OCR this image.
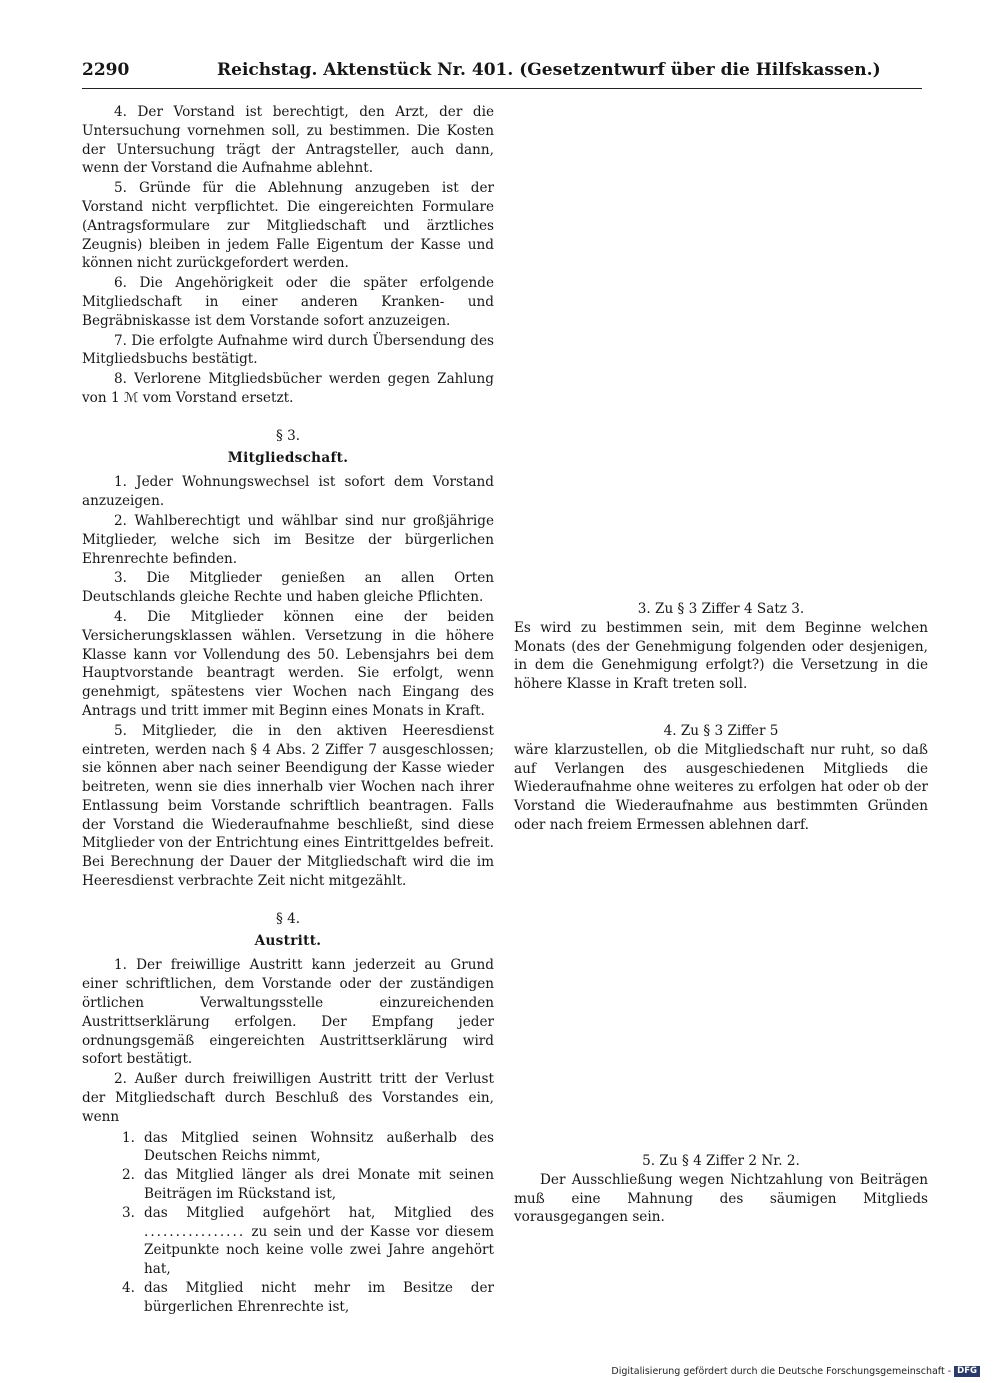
2290	Reichstag. Aktenstück Nr. 401. (Gesetzentwurf über die Hilfskassen.)

4. Der Vorstand ist berechtigt, den Arzt, der die Untersuchung vornehmen soll, zu bestimmen. Die Kosten der Untersuchung trägt der Antragsteller, auch dann, wenn der Vorstand die Aufnahme ablehnt.

5. Gründe für die Ablehnung anzugeben ist der Vorstand nicht verpflichtet. Die eingereichten Formulare (Antragsformulare zur Mitgliedschaft und ärztliches Zeugnis) bleiben in jedem Falle Eigentum der Kasse und können nicht zurückgefordert werden.

6. Die Angehörigkeit oder die später erfolgende Mitgliedschaft in einer anderen Kranken- und Begräbniskasse ist dem Vorstande sofort anzuzeigen.

7. Die erfolgte Aufnahme wird durch Übersendung des Mitgliedsbuchs bestätigt.

8. Verlorene Mitgliedsbücher werden gegen Zahlung von 1 ℳ vom Vorstand ersetzt.

§ 3.
Mitgliedschaft.

1. Jeder Wohnungswechsel ist sofort dem Vorstand anzuzeigen.

2. Wahlberechtigt und wählbar sind nur großjährige Mitglieder, welche sich im Besitze der bürgerlichen Ehrenrechte befinden.

3. Die Mitglieder genießen an allen Orten Deutschlands gleiche Rechte und haben gleiche Pflichten.

4. Die Mitglieder können eine der beiden Versicherungsklassen wählen. Versetzung in die höhere Klasse kann vor Vollendung des 50. Lebensjahrs bei dem Hauptvorstande beantragt werden. Sie erfolgt, wenn genehmigt, spätestens vier Wochen nach Eingang des Antrags und tritt immer mit Beginn eines Monats in Kraft.

5. Mitglieder, die in den aktiven Heeresdienst eintreten, werden nach § 4 Abs. 2 Ziffer 7 ausgeschlossen; sie können aber nach seiner Beendigung der Kasse wieder beitreten, wenn sie dies innerhalb vier Wochen nach ihrer Entlassung beim Vorstande schriftlich beantragen. Falls der Vorstand die Wiederaufnahme beschließt, sind diese Mitglieder von der Entrichtung eines Eintrittgeldes befreit. Bei Berechnung der Dauer der Mitgliedschaft wird die im Heeresdienst verbrachte Zeit nicht mitgezählt.

§ 4.
Austritt.

1. Der freiwillige Austritt kann jederzeit au Grund einer schriftlichen, dem Vorstande oder der zuständigen örtlichen Verwaltungsstelle einzureichenden Austrittserklärung erfolgen. Der Empfang jeder ordnungsgemäß eingereichten Austrittserklärung wird sofort bestätigt.

2. Außer durch freiwilligen Austritt tritt der Verlust der Mitgliedschaft durch Beschluß des Vorstandes ein, wenn

1. das Mitglied seinen Wohnsitz außerhalb des Deutschen Reichs nimmt,
2. das Mitglied länger als drei Monate mit seinen Beiträgen im Rückstand ist,
3. das Mitglied aufgehört hat, Mitglied des ................ zu sein und der Kasse vor diesem Zeitpunkte noch keine volle zwei Jahre angehört hat,
4. das Mitglied nicht mehr im Besitze der bürgerlichen Ehrenrechte ist,
3. Zu § 3 Ziffer 4 Satz 3.

Es wird zu bestimmen sein, mit dem Beginne welchen Monats (des der Genehmigung folgenden oder desjenigen, in dem die Genehmigung erfolgt?) die Versetzung in die höhere Klasse in Kraft treten soll.

4. Zu § 3 Ziffer 5

wäre klarzustellen, ob die Mitgliedschaft nur ruht, so daß auf Verlangen des ausgeschiedenen Mitglieds die Wiederaufnahme ohne weiteres zu erfolgen hat oder ob der Vorstand die Wiederaufnahme aus bestimmten Gründen oder nach freiem Ermessen ablehnen darf.

5. Zu § 4 Ziffer 2 Nr. 2.

Der Ausschließung wegen Nichtzahlung von Beiträgen muß eine Mahnung des säumigen Mitglieds vorausgegangen sein.

Digitalisierung gefördert durch die Deutsche Forschungsgemeinschaft - DFG
